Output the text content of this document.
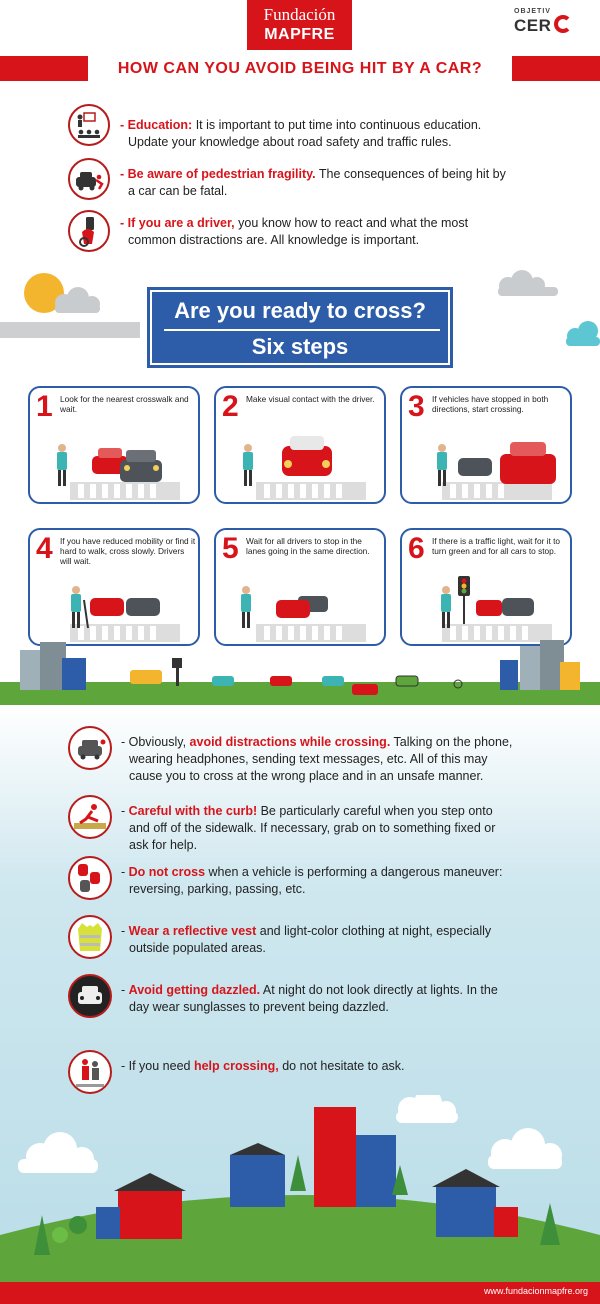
Fundación
MAPFRE
OBJETIV
CER
HOW CAN YOU AVOID BEING HIT BY A CAR?
- Education: It is important to put time into continuous education.
Update your knowledge about road safety and traffic rules.
- Be aware of pedestrian fragility. The consequences of being hit by
a car can be fatal.
- If you are a driver, you know how to react and what the most
common distractions are. All knowledge is important.
Are you ready to cross?
Six steps
1 Look for the nearest crosswalk and wait.	2 Make visual contact with the driver. 3 If vehicles have stopped in both directions, start crossing.
4 If you have reduced mobility or find it hard to walk, cross slowly. Drivers will wait.	5 Wait for all drivers to stop in the lanes going in the same direction.	6 If there is a traffic light, wait for it to turn green and for all cars to stop.
- Obviously, avoid distractions while crossing. Talking on the phone,
wearing headphones, sending text messages, etc. All of this may
cause you to cross at the wrong place and in an unsafe manner.
- Careful with the curb! Be particularly careful when you step onto
and off of the sidewalk. If necessary, grab on to something fixed or
ask for help.
- Do not cross when a vehicle is performing a dangerous maneuver:
reversing, parking, passing, etc.
- Wear a reflective vest and light-color clothing at night, especially
outside populated areas.
- Avoid getting dazzled. At night do not look directly at lights. In the
day wear sunglasses to prevent being dazzled.
- If you need help crossing, do not hesitate to ask.
www.fundacionmapfre.org
